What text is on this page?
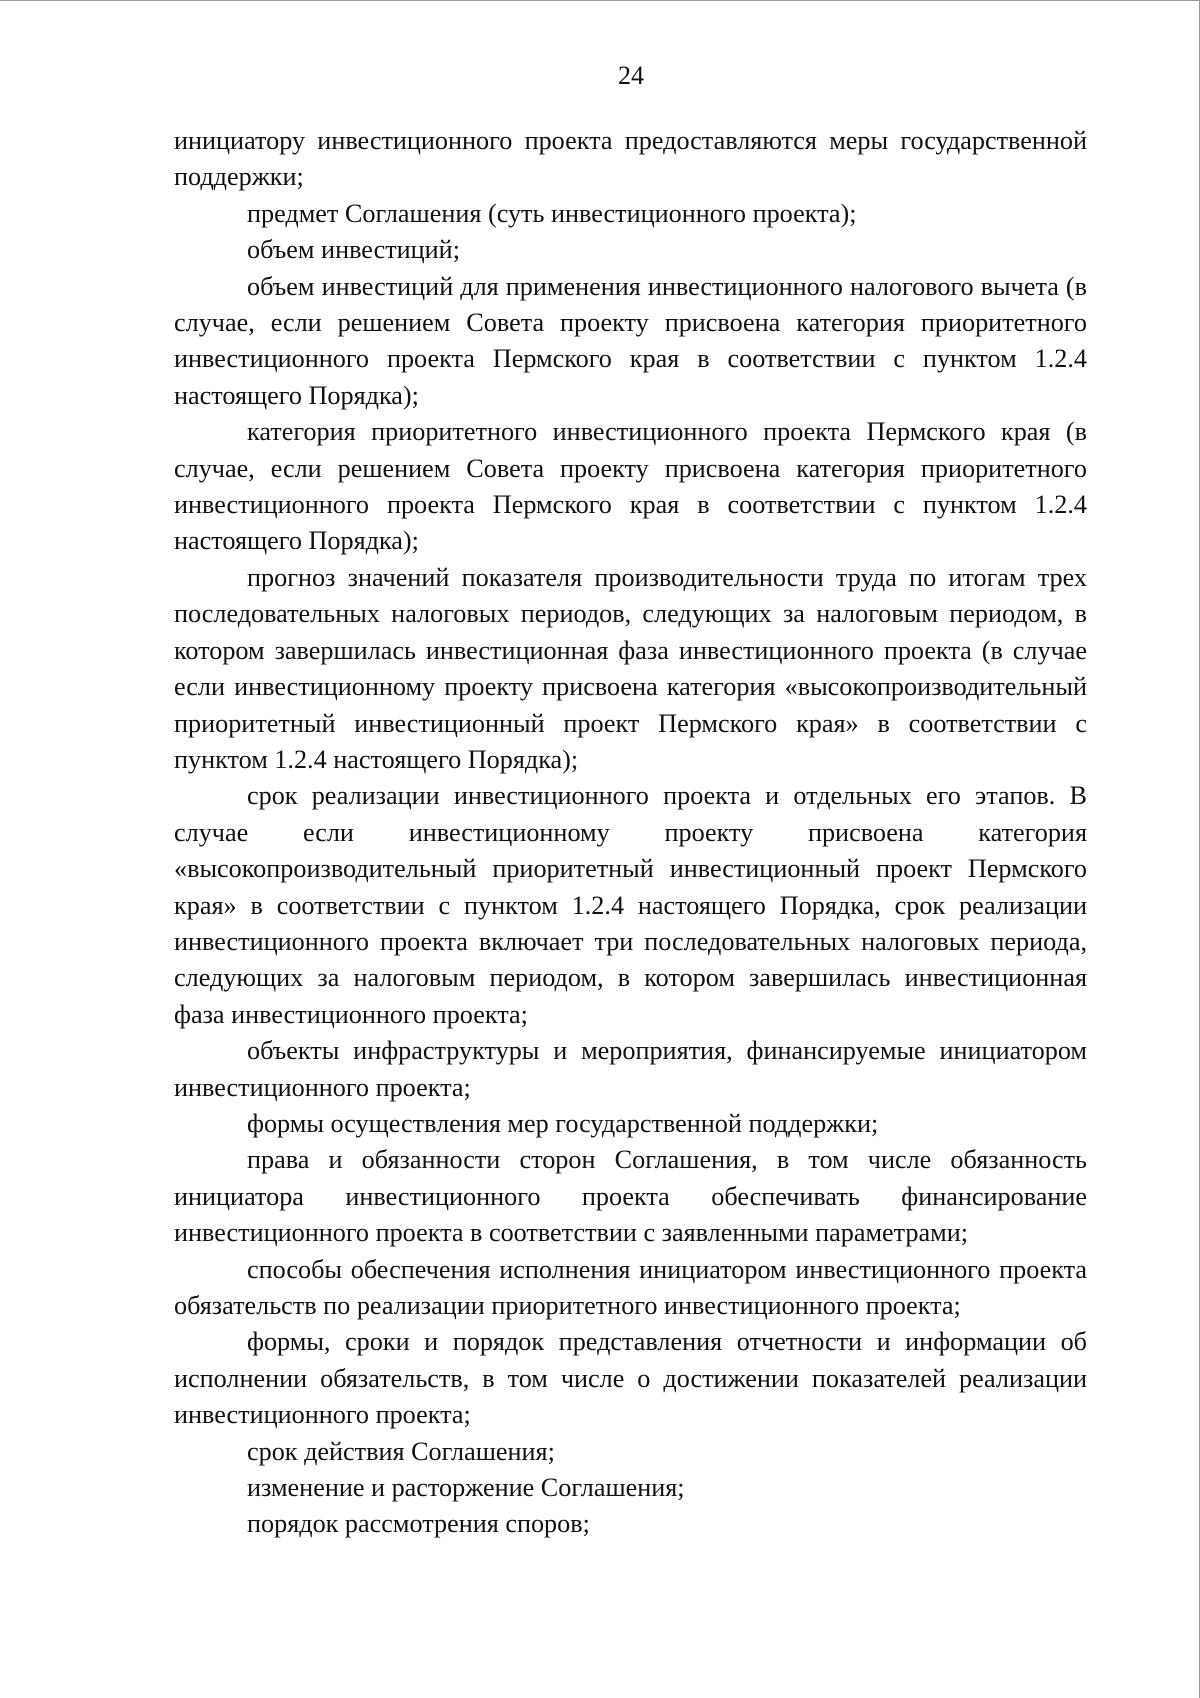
24

инициатору инвестиционного проекта предоставляются меры государственной поддержки;

предмет Соглашения (суть инвестиционного проекта);

объем инвестиций;

объем инвестиций для применения инвестиционного налогового вычета (в случае, если решением Совета проекту присвоена категория приоритетного инвестиционного проекта Пермского края в соответствии с пунктом 1.2.4 настоящего Порядка);

категория приоритетного инвестиционного проекта Пермского края (в случае, если решением Совета проекту присвоена категория приоритетного инвестиционного проекта Пермского края в соответствии с пунктом 1.2.4 настоящего Порядка);

прогноз значений показателя производительности труда по итогам трех последовательных налоговых периодов, следующих за налоговым периодом, в котором завершилась инвестиционная фаза инвестиционного проекта (в случае если инвестиционному проекту присвоена категория «высокопроизводительный приоритетный инвестиционный проект Пермского края» в соответствии с пунктом 1.2.4 настоящего Порядка);

срок реализации инвестиционного проекта и отдельных его этапов. В случае если инвестиционному проекту присвоена категория «высокопроизводительный приоритетный инвестиционный проект Пермского края» в соответствии с пунктом 1.2.4 настоящего Порядка, срок реализации инвестиционного проекта включает три последовательных налоговых периода, следующих за налоговым периодом, в котором завершилась инвестиционная фаза инвестиционного проекта;

объекты инфраструктуры и мероприятия, финансируемые инициатором инвестиционного проекта;

формы осуществления мер государственной поддержки;

права и обязанности сторон Соглашения, в том числе обязанность инициатора инвестиционного проекта обеспечивать финансирование инвестиционного проекта в соответствии с заявленными параметрами;

способы обеспечения исполнения инициатором инвестиционного проекта обязательств по реализации приоритетного инвестиционного проекта;

формы, сроки и порядок представления отчетности и информации об исполнении обязательств, в том числе о достижении показателей реализации инвестиционного проекта;

срок действия Соглашения;

изменение и расторжение Соглашения;

порядок рассмотрения споров;
